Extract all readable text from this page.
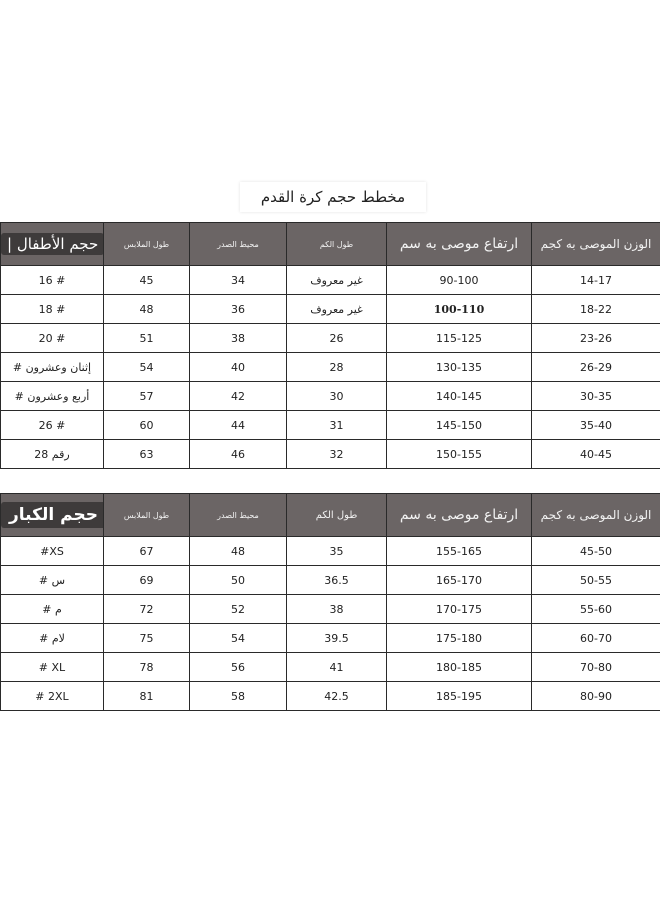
مخطط حجم كرة القدم
| حجم الأطفال	طول الملابس	محيط الصدر	طول الكم	ارتفاع موصى به سم	الوزن الموصى به كجم
16 #	45	34	غير معروف	90-100	14-17
18 #	48	36	غير معروف	100-110	18-22
20 #	51	38	26	115-125	23-26
# إثنان وعشرون	54	40	28	130-135	26-29
# أربع وعشرون	57	42	30	140-145	30-35
26 #	60	44	31	145-150	35-40
رقم 28	63	46	32	150-155	40-45
حجم الكبار	طول الملابس	محيط الصدر	طول الكم	ارتفاع موصى به سم	الوزن الموصى به كجم
#XS	67	48	35	155-165	45-50
# س	69	50	36.5	165-170	50-55
# م	72	52	38	170-175	55-60
# لام	75	54	39.5	175-180	60-70
# XL	78	56	41	180-185	70-80
# 2XL	81	58	42.5	185-195	80-90
